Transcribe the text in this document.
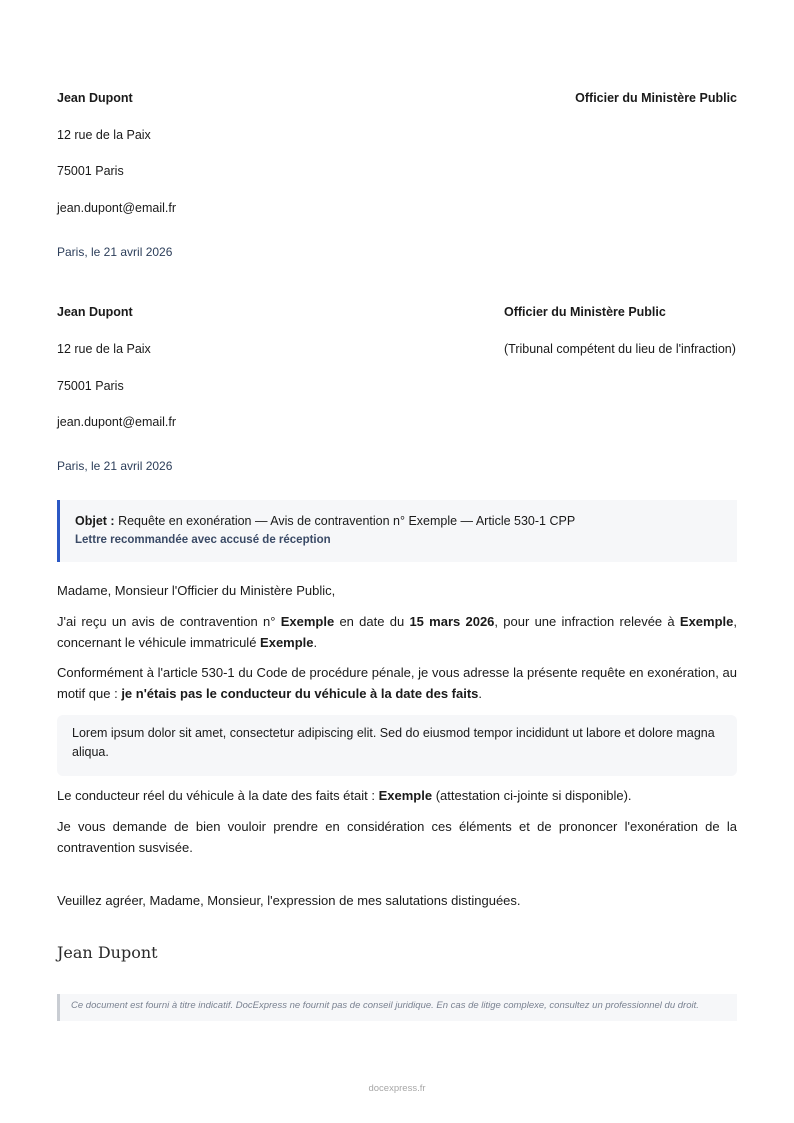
Jean Dupont	Officier du Ministère Public
12 rue de la Paix
75001 Paris
jean.dupont@email.fr
Paris, le 21 avril 2026
Jean Dupont	Officier du Ministère Public
12 rue de la Paix	(Tribunal compétent du lieu de l'infraction)
75001 Paris
jean.dupont@email.fr
Paris, le 21 avril 2026
Objet : Requête en exonération — Avis de contravention n° Exemple — Article 530-1 CPP
Lettre recommandée avec accusé de réception
Madame, Monsieur l'Officier du Ministère Public,
J'ai reçu un avis de contravention n° Exemple en date du 15 mars 2026, pour une infraction relevée à Exemple, concernant le véhicule immatriculé Exemple.
Conformément à l'article 530-1 du Code de procédure pénale, je vous adresse la présente requête en exonération, au motif que : je n'étais pas le conducteur du véhicule à la date des faits.
Lorem ipsum dolor sit amet, consectetur adipiscing elit. Sed do eiusmod tempor incididunt ut labore et dolore magna aliqua.
Le conducteur réel du véhicule à la date des faits était : Exemple (attestation ci-jointe si disponible).
Je vous demande de bien vouloir prendre en considération ces éléments et de prononcer l'exonération de la contravention susvisée.
Veuillez agréer, Madame, Monsieur, l'expression de mes salutations distinguées.
Jean Dupont
Ce document est fourni à titre indicatif. DocExpress ne fournit pas de conseil juridique. En cas de litige complexe, consultez un professionnel du droit.
docexpress.fr
